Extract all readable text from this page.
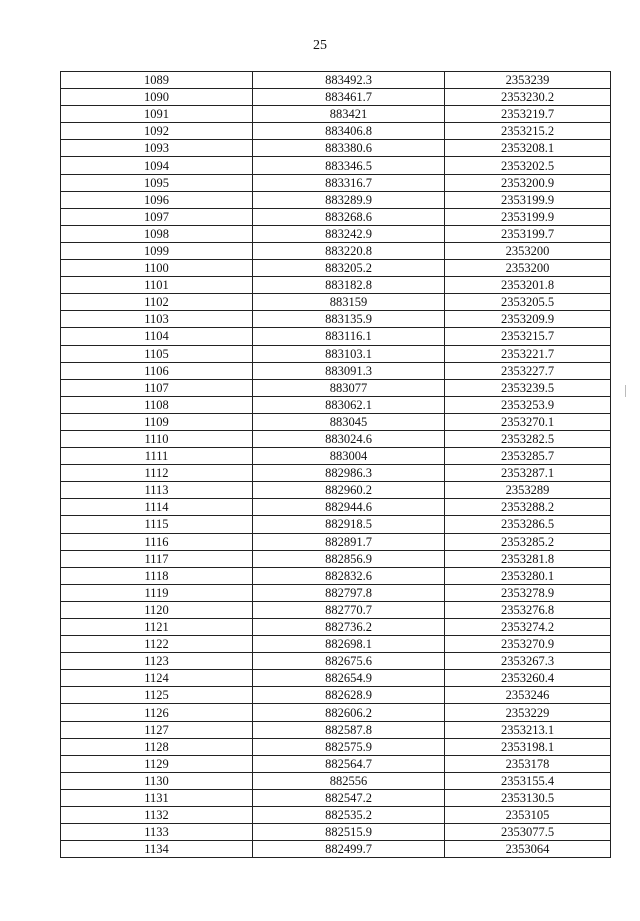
25
1089	883492.3	2353239
1090	883461.7	2353230.2
1091	883421	2353219.7
1092	883406.8	2353215.2
1093	883380.6	2353208.1
1094	883346.5	2353202.5
1095	883316.7	2353200.9
1096	883289.9	2353199.9
1097	883268.6	2353199.9
1098	883242.9	2353199.7
1099	883220.8	2353200
1100	883205.2	2353200
1101	883182.8	2353201.8
1102	883159	2353205.5
1103	883135.9	2353209.9
1104	883116.1	2353215.7
1105	883103.1	2353221.7
1106	883091.3	2353227.7
1107	883077	2353239.5
1108	883062.1	2353253.9
1109	883045	2353270.1
1110	883024.6	2353282.5
1111	883004	2353285.7
1112	882986.3	2353287.1
1113	882960.2	2353289
1114	882944.6	2353288.2
1115	882918.5	2353286.5
1116	882891.7	2353285.2
1117	882856.9	2353281.8
1118	882832.6	2353280.1
1119	882797.8	2353278.9
1120	882770.7	2353276.8
1121	882736.2	2353274.2
1122	882698.1	2353270.9
1123	882675.6	2353267.3
1124	882654.9	2353260.4
1125	882628.9	2353246
1126	882606.2	2353229
1127	882587.8	2353213.1
1128	882575.9	2353198.1
1129	882564.7	2353178
1130	882556	2353155.4
1131	882547.2	2353130.5
1132	882535.2	2353105
1133	882515.9	2353077.5
1134	882499.7	2353064
